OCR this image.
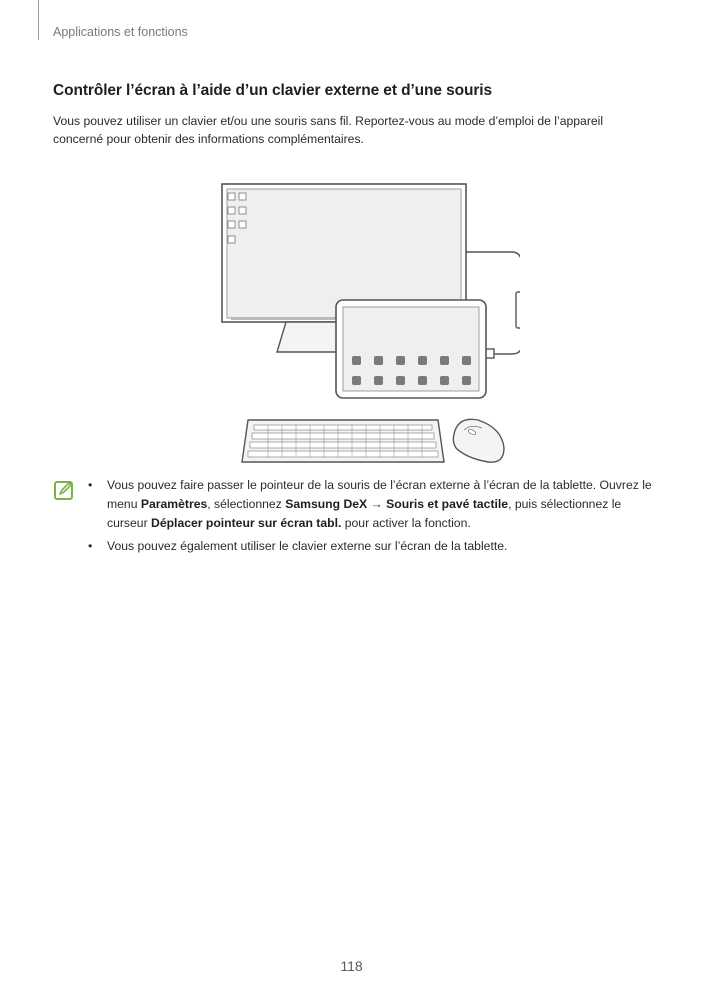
Applications et fonctions
Contrôler l’écran à l’aide d’un clavier externe et d’une souris

Vous pouvez utiliser un clavier et/ou une souris sans fil. Reportez-vous au mode d’emploi de l’appareil concerné pour obtenir des informations complémentaires.

• Vous pouvez faire passer le pointeur de la souris de l’écran externe à l’écran de la tablette. Ouvrez le menu Paramètres, sélectionnez Samsung DeX → Souris et pavé tactile, puis sélectionnez le curseur Déplacer pointeur sur écran tabl. pour activer la fonction.
• Vous pouvez également utiliser le clavier externe sur l’écran de la tablette.
118
